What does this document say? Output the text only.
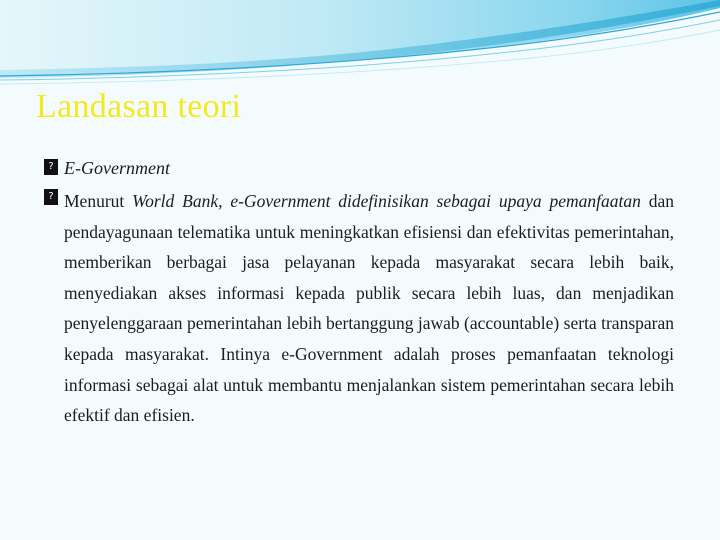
Landasan teori
? E-Government
? Menurut World Bank, e-Government didefinisikan sebagai upaya pemanfaatan dan pendayagunaan telematika untuk meningkatkan efisiensi dan efektivitas pemerintahan, memberikan berbagai jasa pelayanan kepada masyarakat secara lebih baik, menyediakan akses informasi kepada publik secara lebih luas, dan menjadikan penyelenggaraan pemerintahan lebih bertanggung jawab (accountable) serta transparan kepada masyarakat. Intinya e-Government adalah proses pemanfaatan teknologi informasi sebagai alat untuk membantu menjalankan sistem pemerintahan secara lebih efektif dan efisien.
